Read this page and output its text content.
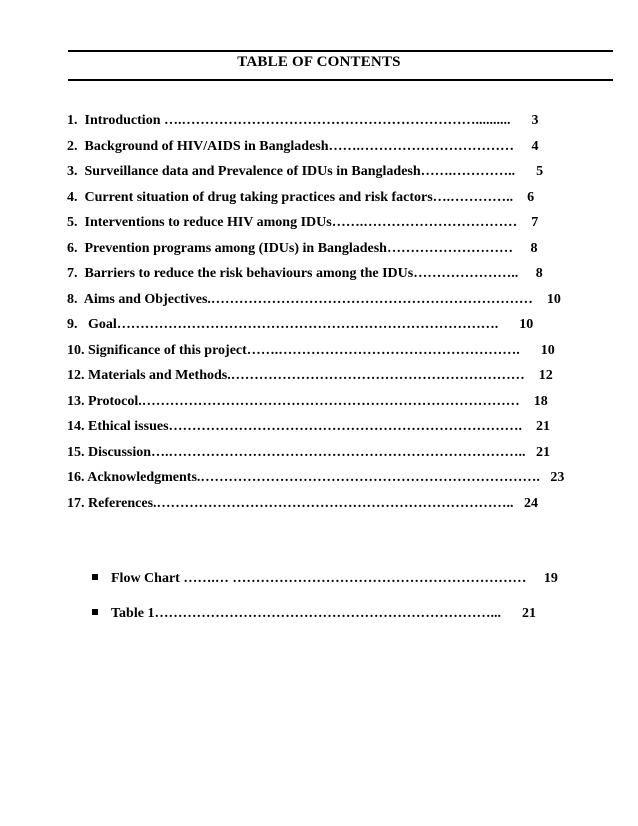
TABLE OF CONTENTS
1.  Introduction ….………………………………………………………..........      3
2.  Background of HIV/AIDS in Bangladesh…….……………………………     4
3.  Surveillance data and Prevalence of IDUs in Bangladesh…….…………..      5
4.  Current situation of drug taking practices and risk factors….…………..    6
5.  Interventions to reduce HIV among IDUs…….……………………………    7
6.  Prevention programs among (IDUs) in Bangladesh………………………     8
7.  Barriers to reduce the risk behaviours among the IDUs…………………..     8
8.  Aims and Objectives.……………………………………………………………    10
9.   Goal……………………………………………………………………….      10
10. Significance of this project…….…………………………………………….      10
12. Materials and Methods.………………………………………………………    12
13. Protocol.………………………………………………………………………    18
14. Ethical issues………………………………………………………………….    21
15. Discussion….…………………………………………………………………..   21
16. Acknowledgments.……………………………………………………………….   23
17. References.…………………………………………………………………..   24

Flow Chart …….… ………………………………………………………     19

Table 1………………………………………………………………...      21
